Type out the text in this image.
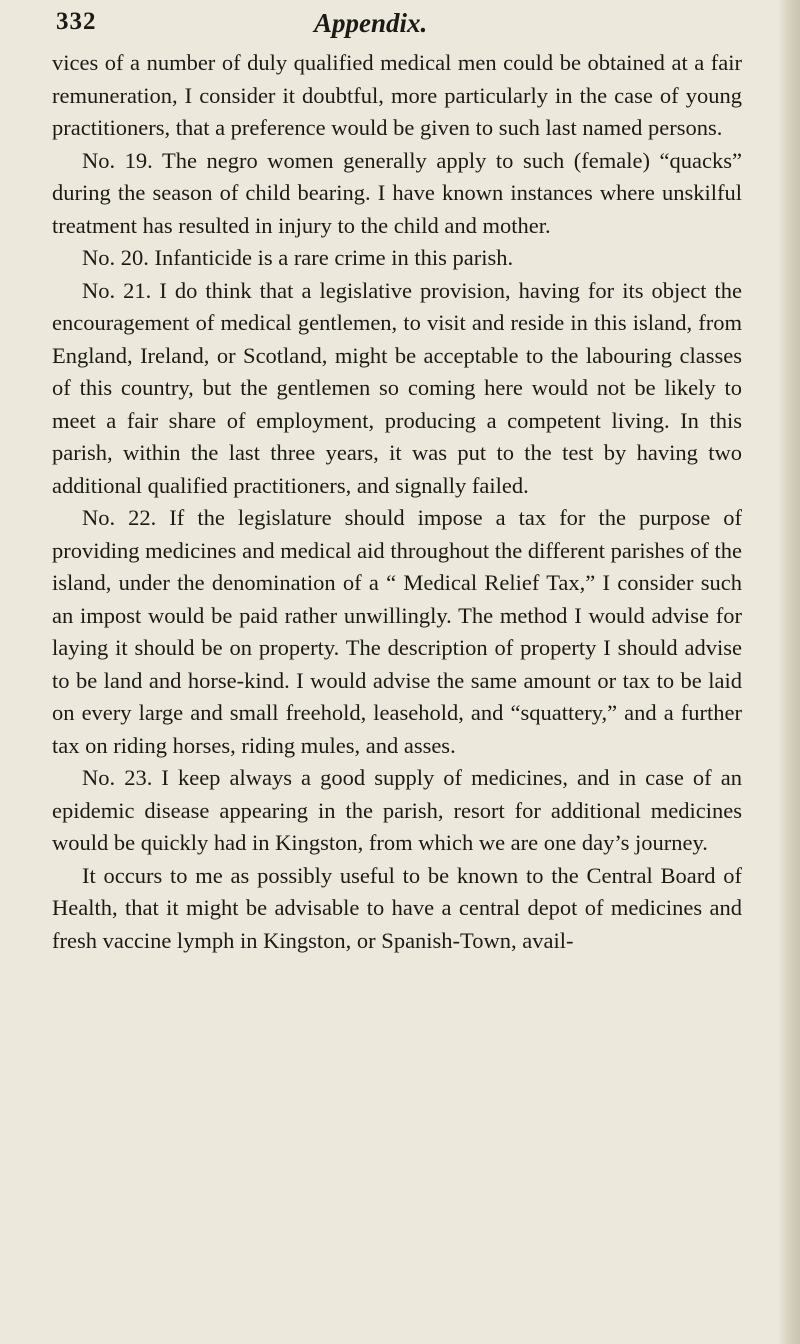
332	Appendix.

vices of a number of duly qualified medical men could be obtained at a fair remuneration, I consider it doubtful, more particularly in the case of young practitioners, that a preference would be given to such last named persons.

No. 19. The negro women generally apply to such (female) “quacks” during the season of child bearing. I have known instances where unskilful treatment has resulted in injury to the child and mother.

No. 20. Infanticide is a rare crime in this parish.

No. 21. I do think that a legislative provision, having for its object the encouragement of medical gentlemen, to visit and reside in this island, from England, Ireland, or Scotland, might be acceptable to the labouring classes of this country, but the gentlemen so coming here would not be likely to meet a fair share of employment, producing a competent living. In this parish, within the last three years, it was put to the test by having two additional qualified practitioners, and signally failed.

No. 22. If the legislature should impose a tax for the purpose of providing medicines and medical aid throughout the different parishes of the island, under the denomination of a “ Medical Relief Tax,” I consider such an impost would be paid rather unwillingly. The method I would advise for laying it should be on property. The description of property I should advise to be land and horse-kind. I would advise the same amount or tax to be laid on every large and small freehold, leasehold, and “squattery,” and a further tax on riding horses, riding mules, and asses.

No. 23. I keep always a good supply of medicines, and in case of an epidemic disease appearing in the parish, resort for additional medicines would be quickly had in Kingston, from which we are one day’s journey.

It occurs to me as possibly useful to be known to the Central Board of Health, that it might be advisable to have a central depot of medicines and fresh vaccine lymph in Kingston, or Spanish-Town, avail-
